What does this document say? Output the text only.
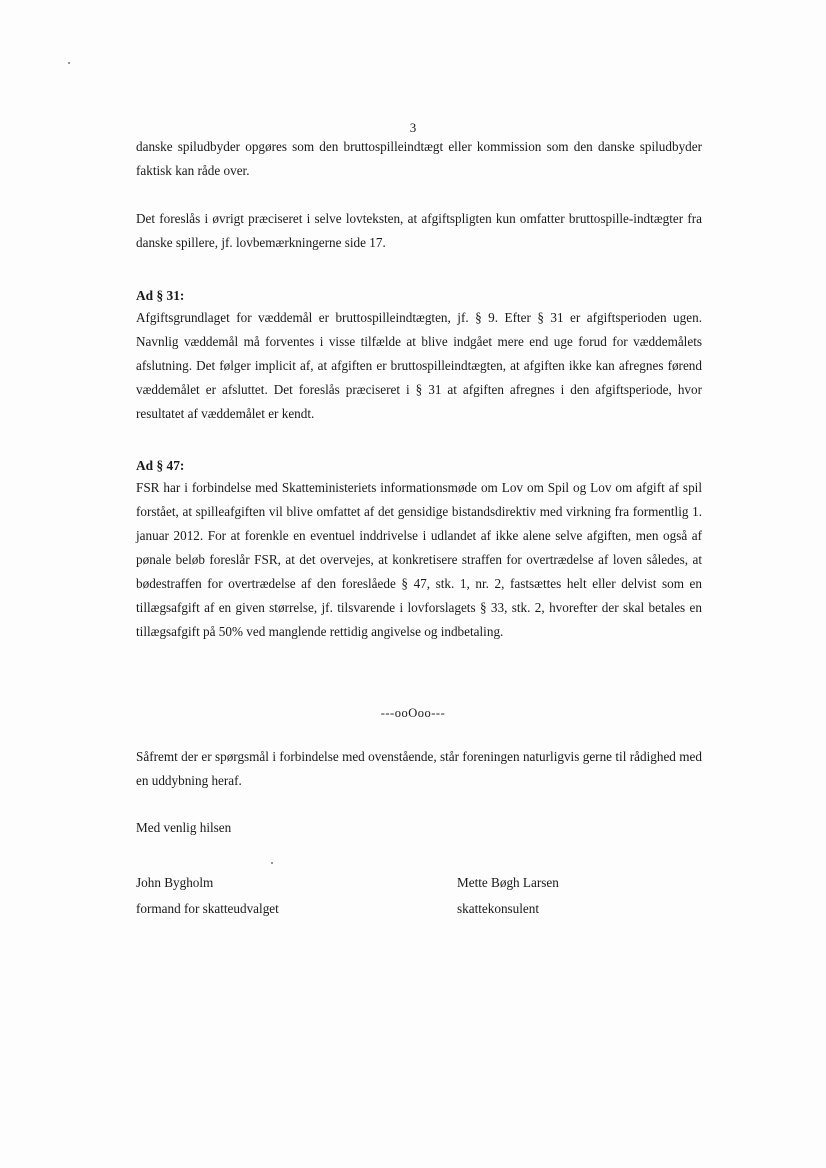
3

danske spiludbyder opgøres som den bruttospilleindtægt eller kommission som den danske spiludbyder faktisk kan råde over.

Det foreslås i øvrigt præciseret i selve lovteksten, at afgiftspligten kun omfatter bruttospille-indtægter fra danske spillere, jf. lovbemærkningerne side 17.

Ad § 31:

Afgiftsgrundlaget for væddemål er bruttospilleindtægten, jf. § 9. Efter § 31 er afgiftsperioden ugen. Navnlig væddemål må forventes i visse tilfælde at blive indgået mere end uge forud for væddemålets afslutning. Det følger implicit af, at afgiften er bruttospilleindtægten, at afgiften ikke kan afregnes førend væddemålet er afsluttet. Det foreslås præciseret i § 31 at afgiften afregnes i den afgiftsperiode, hvor resultatet af væddemålet er kendt.

Ad § 47:

FSR har i forbindelse med Skatteministeriets informationsmøde om Lov om Spil og Lov om afgift af spil forstået, at spilleafgiften vil blive omfattet af det gensidige bistandsdirektiv med virkning fra formentlig 1. januar 2012. For at forenkle en eventuel inddrivelse i udlandet af ikke alene selve afgiften, men også af pønale beløb foreslår FSR, at det overvejes, at konkretisere straffen for overtrædelse af loven således, at bødestraffen for overtrædelse af den foreslåede § 47, stk. 1, nr. 2, fastsættes helt eller delvist som en tillægsafgift af en given størrelse, jf. tilsvarende i lovforslagets § 33, stk. 2, hvorefter der skal betales en tillægsafgift på 50% ved manglende rettidig angivelse og indbetaling.

---ooOoo---

Såfremt der er spørgsmål i forbindelse med ovenstående, står foreningen naturligvis gerne til rådighed med en uddybning heraf.

Med venlig hilsen
John Bygholm
formand for skatteudvalget
Mette Bøgh Larsen
skattekonsulent
